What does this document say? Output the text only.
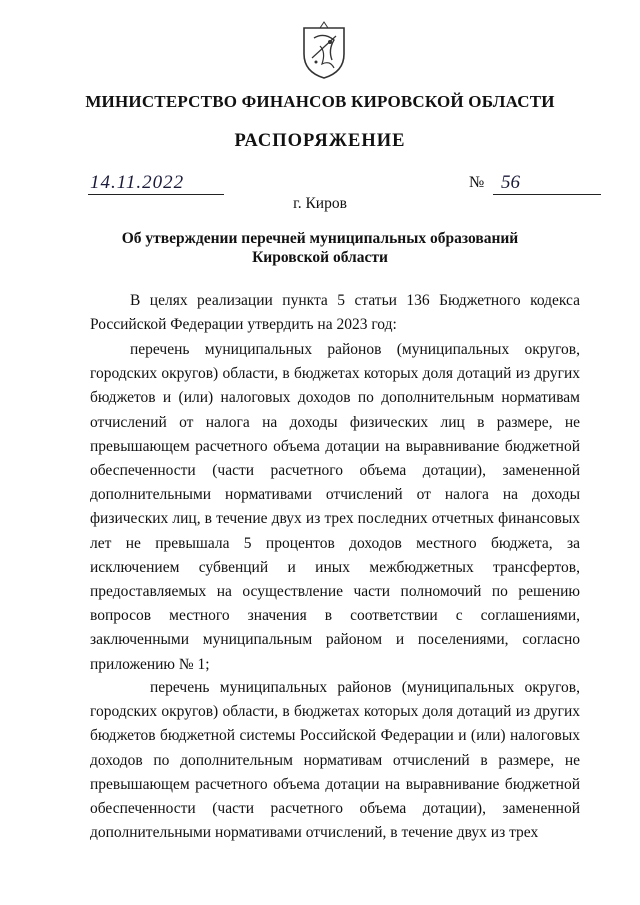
МИНИСТЕРСТВО ФИНАНСОВ КИРОВСКОЙ ОБЛАСТИ
РАСПОРЯЖЕНИЕ
14.11.2022	№ 56
г. Киров
Об утверждении перечней муниципальных образований
Кировской области
В целях реализации пункта 5 статьи 136 Бюджетного кодекса Российской Федерации утвердить на 2023 год:
перечень муниципальных районов (муниципальных округов, городских округов) области, в бюджетах которых доля дотаций из других бюджетов и (или) налоговых доходов по дополнительным нормативам отчислений от налога на доходы физических лиц в размере, не превышающем расчетного объема дотации на выравнивание бюджетной обеспеченности (части расчетного объема дотации), замененной дополнительными нормативами отчислений от налога на доходы физических лиц, в течение двух из трех последних отчетных финансовых лет не превышала 5 процентов доходов местного бюджета, за исключением субвенций и иных межбюджетных трансфертов, предоставляемых на осуществление части полномочий по решению вопросов местного значения в соответствии с соглашениями, заключенными муниципальным районом и поселениями, согласно приложению № 1;
перечень муниципальных районов (муниципальных округов, городских округов) области, в бюджетах которых доля дотаций из других бюджетов бюджетной системы Российской Федерации и (или) налоговых доходов по дополнительным нормативам отчислений в размере, не превышающем расчетного объема дотации на выравнивание бюджетной обеспеченности (части расчетного объема дотации), замененной дополнительными нормативами отчислений, в течение двух из трех
